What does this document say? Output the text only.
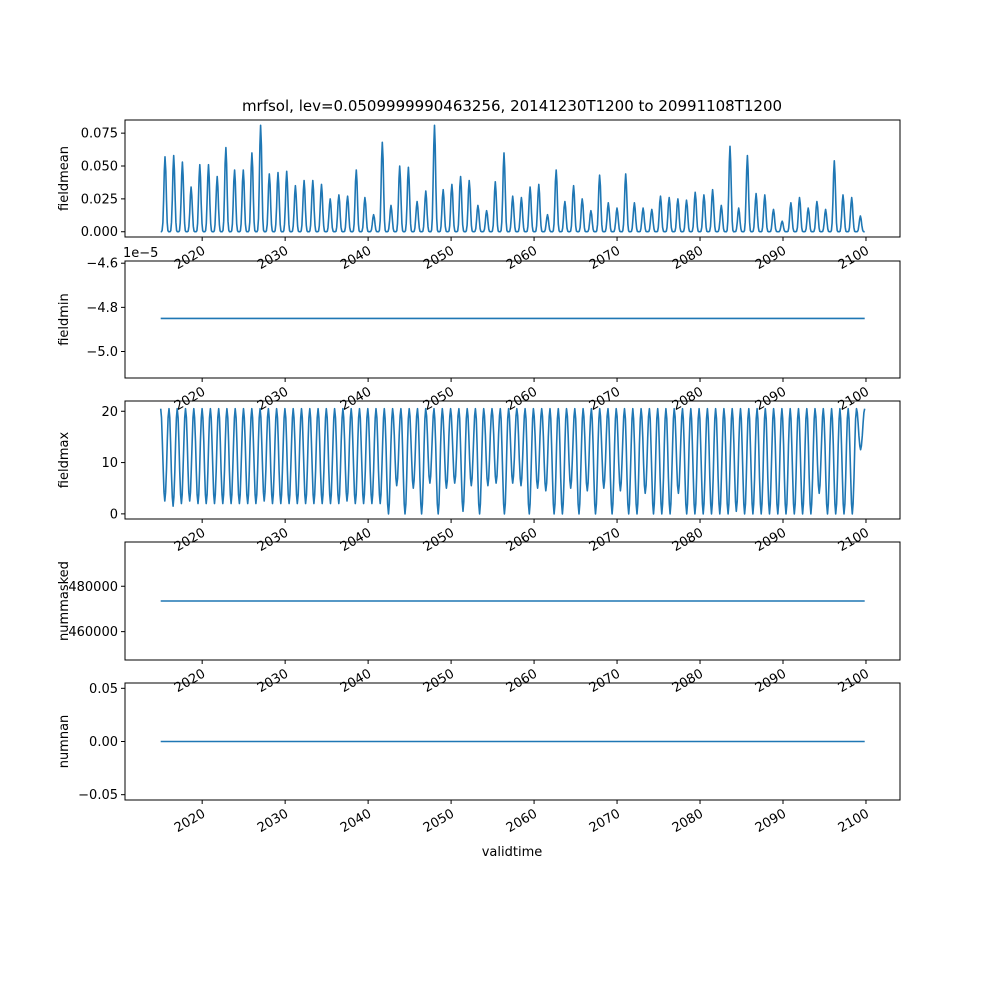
mrfsol, lev=0.0509999990463256, 20141230T1200 to 20991108T1200
0.000
0.025
0.050
0.075
fieldmean
2020	2030	2040	2050	2060	2070	2080	2090	2100
−5.0
−4.8
−4.6
1e−5
fieldmin
2020	2030	2040	2050	2060	2070	2080	2090	2100
0
10
20
fieldmax
2020	2030	2040	2050	2060	2070	2080	2090	2100
460000
480000
nummasked
2020	2030	2040	2050	2060	2070	2080	2090	2100
−0.05
0.00
0.05
numnan
2020	2030	2040	2050	2060	2070	2080	2090	2100
validtime
